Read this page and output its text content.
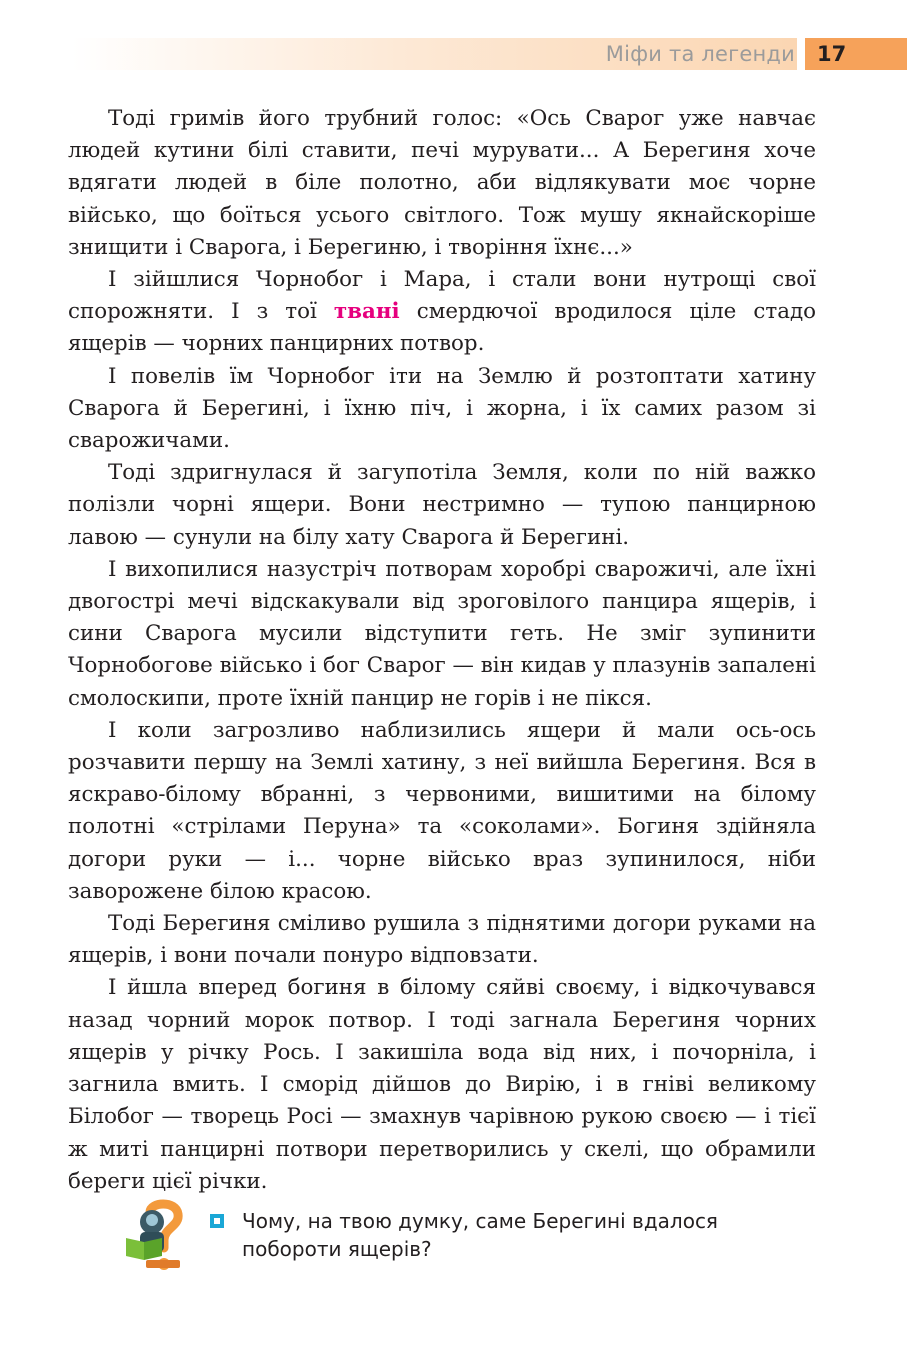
Міфи та легенди	17

Тоді гримів його трубний голос: «Ось Сварог уже навчає людей кутини білі ставити, печі мурувати... А Берегиня хоче вдягати людей в біле полотно, аби відлякувати моє чорне військо, що боїться усього світлого. Тож мушу якнайскоріше знищити і Сварога, і Берегиню, і творіння їхнє...»

І зійшлися Чорнобог і Мара, і стали вони нутрощі свої спорожняти. І з тої твані смердючої вродилося ціле стадо ящерів — чорних панцирних потвор.

І повелів їм Чорнобог іти на Землю й розтоптати хатину Сварога й Берегині, і їхню піч, і жорна, і їх самих разом зі сварожичами.

Тоді здригнулася й загупотіла Земля, коли по ній важко полізли чорні ящери. Вони нестримно — тупою панцирною лавою — сунули на білу хату Сварога й Берегині.

І вихопилися назустріч потворам хоробрі сварожичі, але їхні двогострі мечі відскакували від зроговілого панцира ящерів, і сини Сварога мусили відступити геть. Не зміг зупинити Чорнобогове військо і бог Сварог — він кидав у плазунів запалені смолоскипи, проте їхній панцир не горів і не пікся.

І коли загрозливо наблизились ящери й мали ось-ось розчавити першу на Землі хатину, з неї вийшла Берегиня. Вся в яскраво-білому вбранні, з червоними, вишитими на білому полотні «стрілами Перуна» та «соколами». Богиня здійняла догори руки — і... чорне військо враз зупинилося, ніби заворожене білою красою.

Тоді Берегиня сміливо рушила з піднятими догори руками на ящерів, і вони почали понуро відповзати.

І йшла вперед богиня в білому сяйві своєму, і відкочувався назад чорний морок потвор. І тоді загнала Берегиня чорних ящерів у річку Рось. І закишіла вода від них, і почорніла, і загнила вмить. І сморід дійшов до Вирію, і в гніві великому Білобог — творець Росі — змахнув чарівною рукою своєю — і тієї ж миті панцирні потвори перетворились у скелі, що обрамили береги цієї річки.

Чому, на твою думку, саме Берегині вдалося побороти ящерів?
